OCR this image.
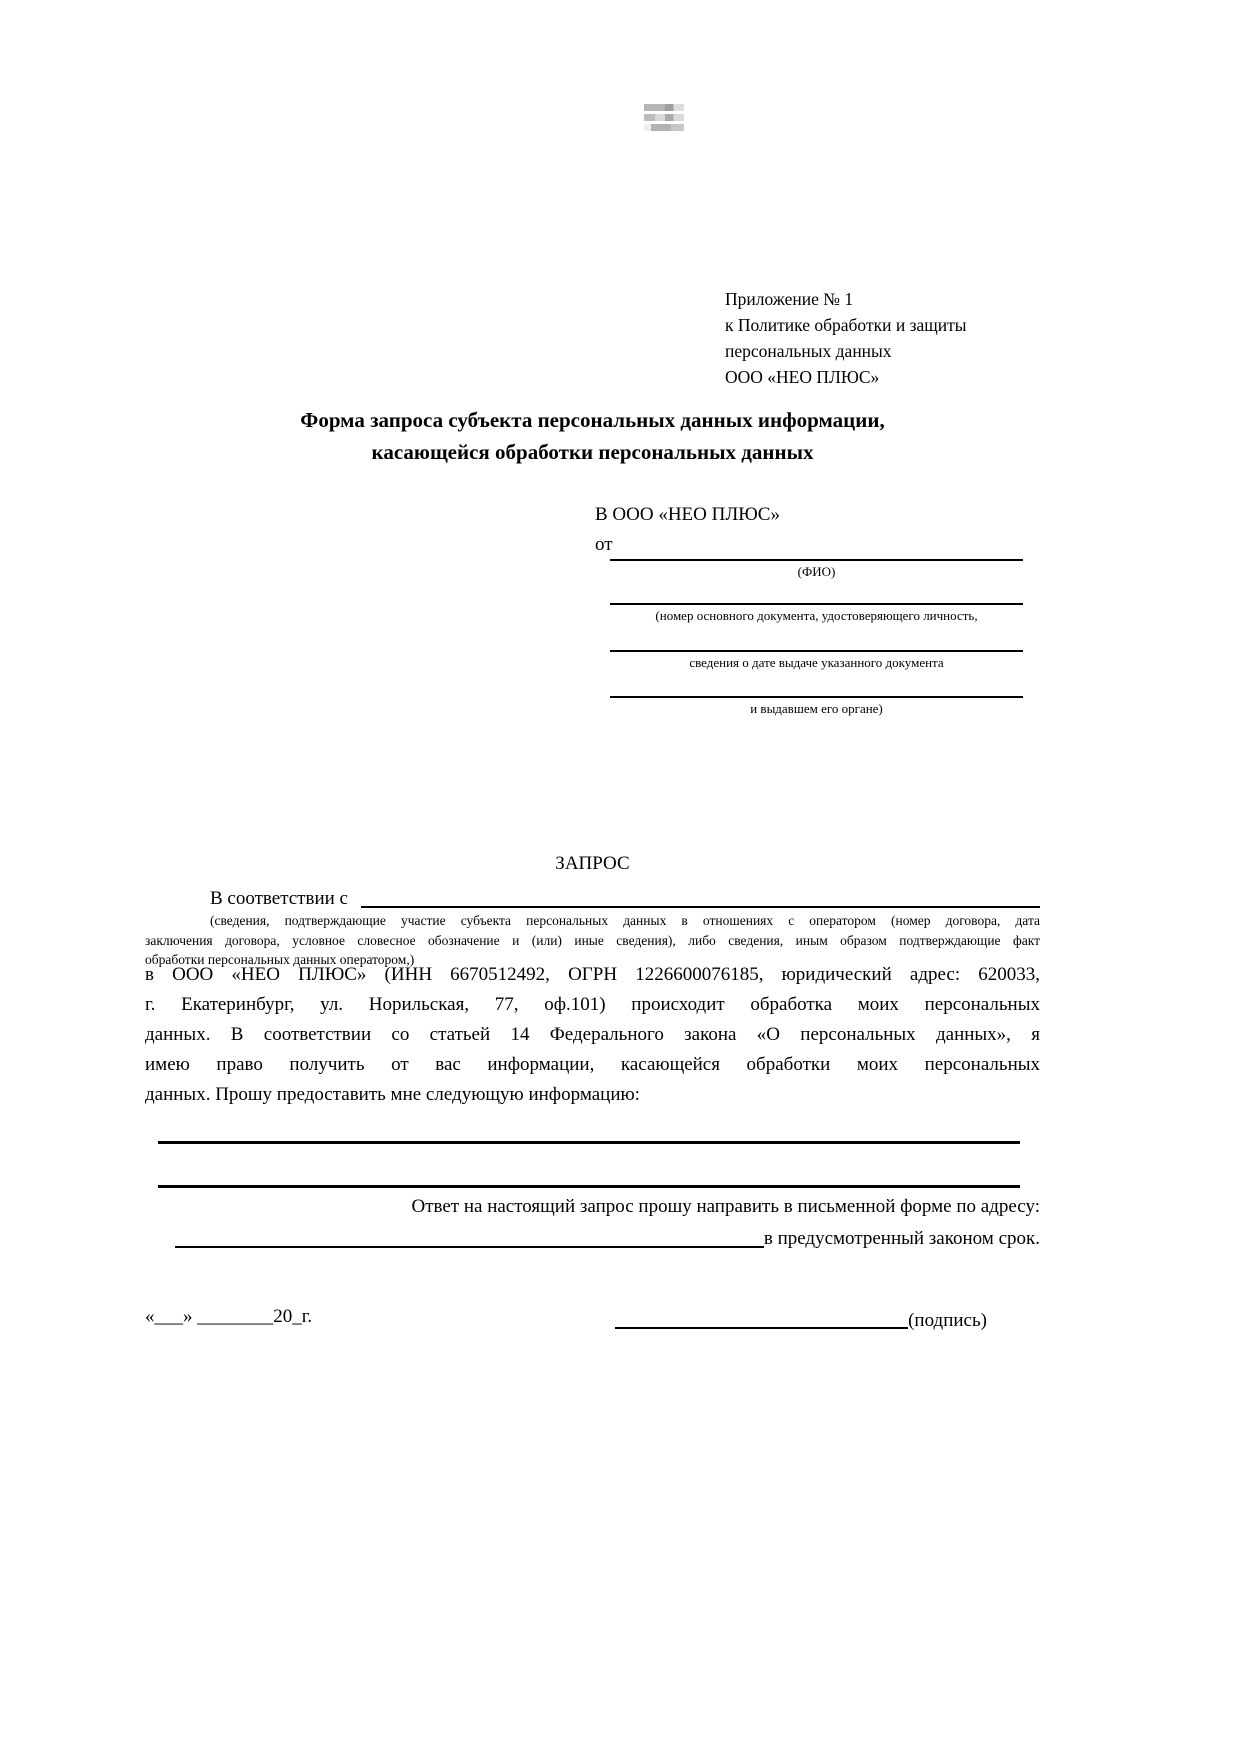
Приложение № 1
к Политике обработки и защиты
персональных данных
ООО «НЕО ПЛЮС»
Форма запроса субъекта персональных данных информации,
касающейся обработки персональных данных
В ООО «НЕО ПЛЮС»
от
(ФИО)
(номер основного документа, удостоверяющего личность,
сведения о дате выдаче указанного документа
и выдавшем его органе)
ЗАПРОС
В соответствии с
(сведения, подтверждающие участие субъекта персональных данных в отношениях с оператором (номер договора, дата
заключения договора, условное словесное обозначение и (или) иные сведения), либо сведения, иным образом подтверждающие факт
обработки персональных данных оператором,)
в ООО «НЕО ПЛЮС» (ИНН 6670512492, ОГРН 1226600076185, юридический адрес: 620033,
г. Екатеринбург, ул. Норильская, 77, оф.101) происходит обработка моих персональных
данных. В соответствии со статьей 14 Федерального закона «О персональных данных», я
имею право получить от вас информации, касающейся обработки моих персональных
данных. Прошу предоставить мне следующую информацию:
Ответ на настоящий запрос прошу направить в письменной форме по адресу:
в предусмотренный законом срок.
«___» ________20_г.	(подпись)
